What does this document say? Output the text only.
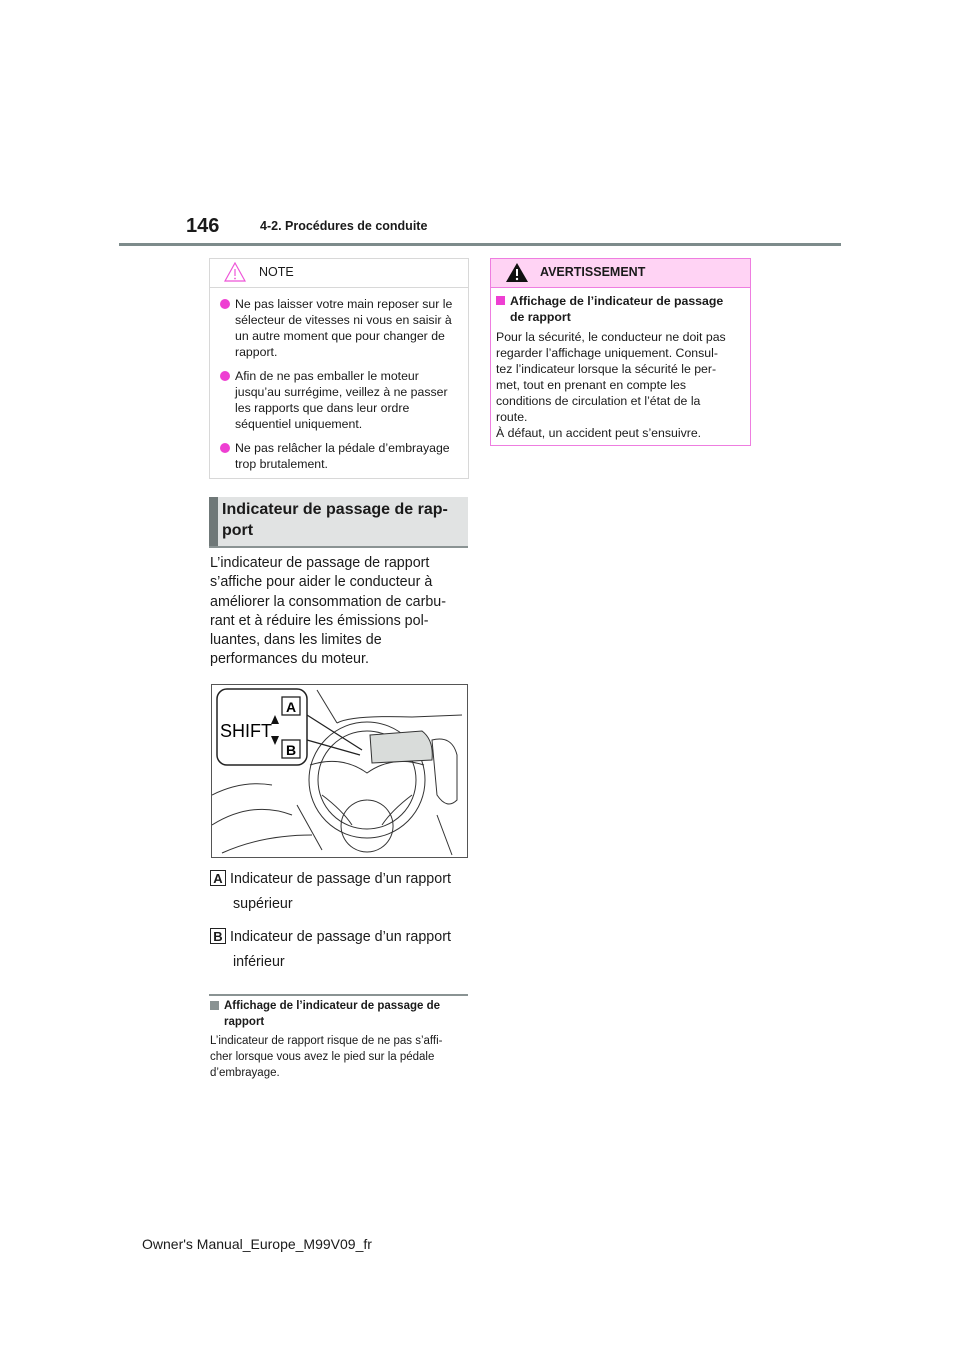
146	4-2. Procédures de conduite
NOTE
Ne pas laisser votre main reposer sur le
sélecteur de vitesses ni vous en saisir à
un autre moment que pour changer de
rapport.
Afin de ne pas emballer le moteur
jusqu’au surrégime, veillez à ne passer
les rapports que dans leur ordre
séquentiel uniquement.
Ne pas relâcher la pédale d’embrayage
trop brutalement.
AVERTISSEMENT
Affichage de l’indicateur de passage
de rapport
Pour la sécurité, le conducteur ne doit pas
regarder l’affichage uniquement. Consul-
tez l’indicateur lorsque la sécurité le per-
met, tout en prenant en compte les
conditions de circulation et l’état de la
route.
À défaut, un accident peut s’ensuivre.
Indicateur de passage de rap-
port
L’indicateur de passage de rapport
s’affiche pour aider le conducteur à
améliorer la consommation de carbu-
rant et à réduire les émissions pol-
luantes, dans les limites de
performances du moteur.
SHIFT
A
B
A Indicateur de passage d’un rapport
supérieur
B Indicateur de passage d’un rapport
inférieur
Affichage de l’indicateur de passage de
rapport
L’indicateur de rapport risque de ne pas s’affi-
cher lorsque vous avez le pied sur la pédale
d’embrayage.
Owner's Manual_Europe_M99V09_fr
